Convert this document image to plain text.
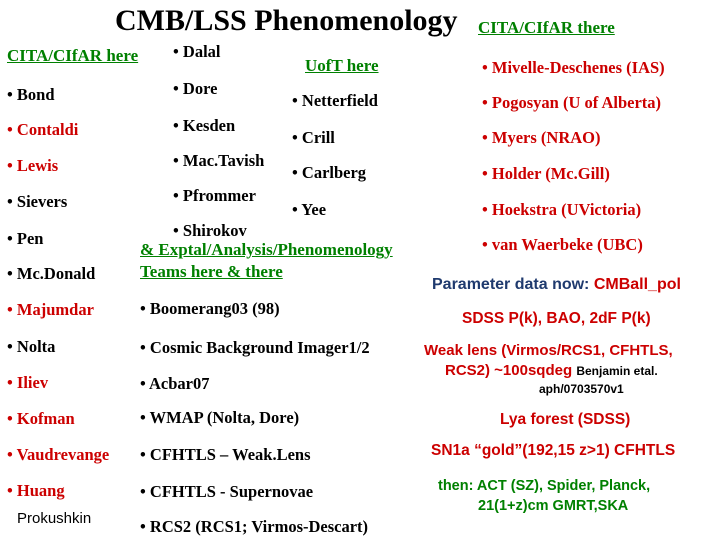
CMB/LSS Phenomenology CITA/CIfAR there
CITA/CIfAR here • Dalal
UofT here	• Mivelle-Deschenes (IAS)
• Bond
• Contaldi
• Lewis
• Sievers
• Pen
• Mc.Donald
• Majumdar
• Nolta
• Iliev
• Kofman
• Vaudrevange
• Huang
Prokushkin
• Dore
• Kesden
• Mac.Tavish
• Pfrommer
• Shirokov
& Exptal/Analysis/Phenomenology
Teams here & there
• Netterfield
• Crill
• Carlberg
• Yee
• Pogosyan (U of Alberta)
• Myers (NRAO)
• Holder (Mc.Gill)
• Hoekstra (UVictoria)
• van Waerbeke (UBC)
Parameter data now: CMBall_pol
• Boomerang03 (98)
SDSS P(k), BAO, 2dF P(k)
• Cosmic Background Imager1/2	Weak lens (Virmos/RCS1, CFHTLS,
RCS2) ~100sqdeg Benjamin etal.
aph/0703570v1
• Acbar07
• WMAP (Nolta, Dore)	Lya forest (SDSS)
• CFHTLS – Weak.Lens	SN1a “gold”(192,15 z>1) CFHTLS
• CFHTLS - Supernovae	then: ACT (SZ), Spider, Planck,
21(1+z)cm GMRT,SKA
• RCS2 (RCS1; Virmos-Descart)
